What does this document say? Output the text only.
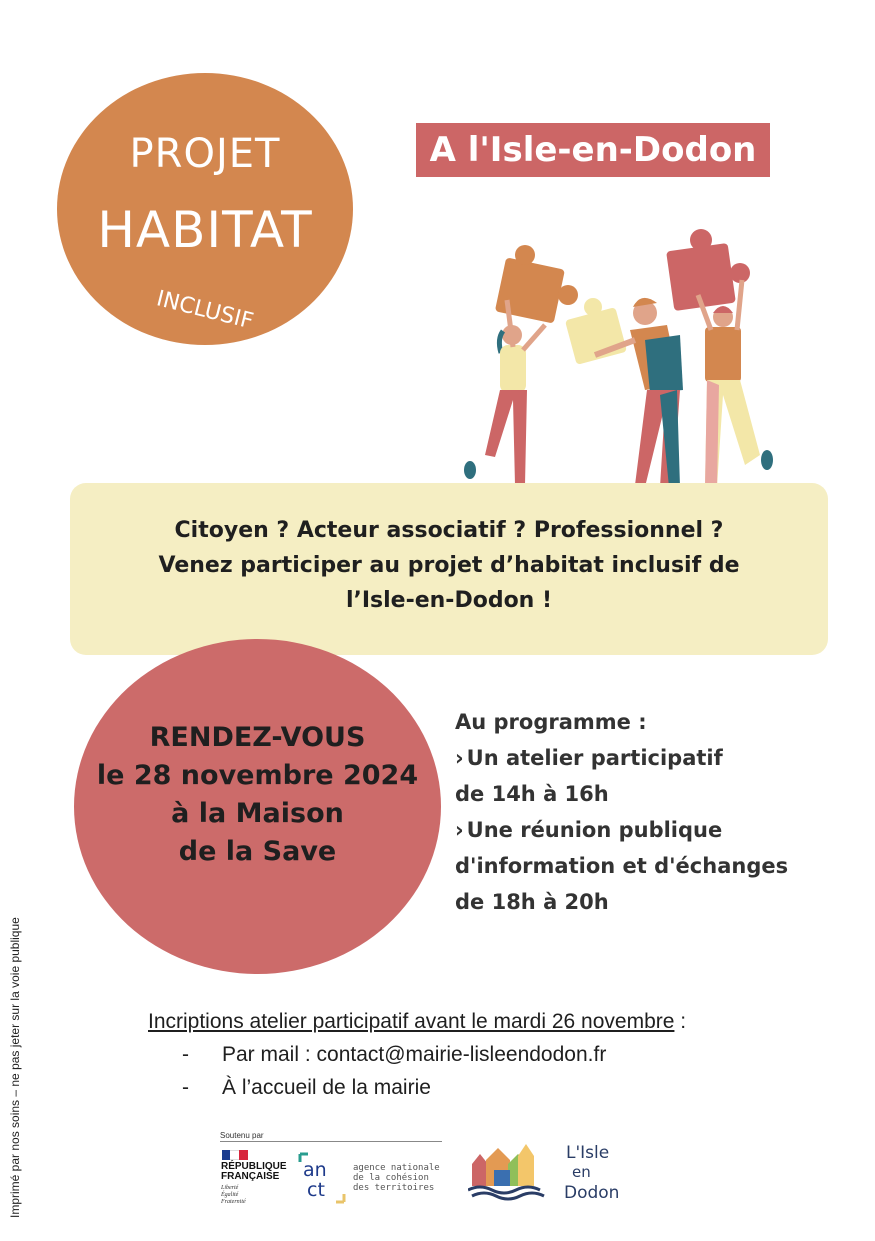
PROJET
HABITAT
INCLUSIF
A l'Isle-en-Dodon
Citoyen ? Acteur associatif ? Professionnel ?
Venez participer au projet d’habitat inclusif de
l’Isle-en-Dodon !
RENDEZ-VOUS
le 28 novembre 2024
à la Maison
de la Save
Au programme :
› Un atelier participatif
de 14h à 16h
› Une réunion publique
d'information et d'échanges
de 18h à 20h
Incriptions atelier participatif avant le mardi 26 novembre :
- Par mail : contact@mairie-lisleendodon.fr
- À l’accueil de la mairie
Imprimé par nos soins – ne pas jeter sur la voie publique	Soutenu par
RÉPUBLIQUE
FRANÇAISE
Liberté
Égalité
Fraternité
an
ct
agence nationale
de la cohésion
des territoires
L'Isle
en
Dodon
